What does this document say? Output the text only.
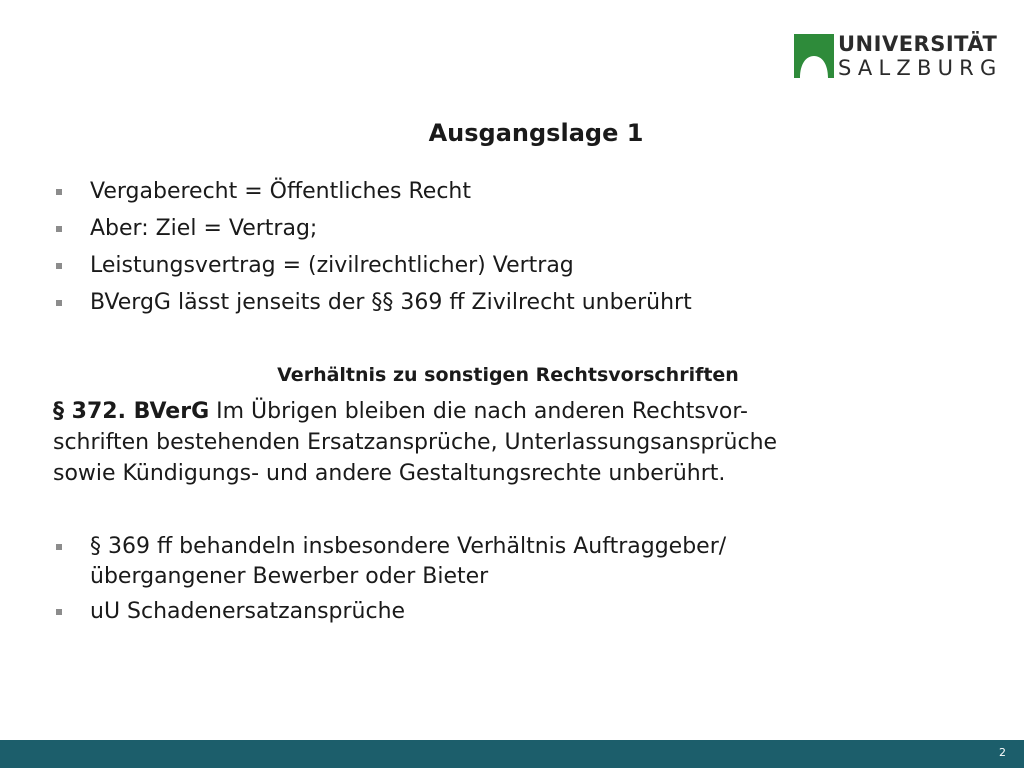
UNIVERSITÄT
SALZBURG
Ausgangslage 1
Vergaberecht = Öffentliches Recht
Aber: Ziel = Vertrag;
Leistungsvertrag = (zivilrechtlicher) Vertrag
BVergG lässt jenseits der §§ 369 ff Zivilrecht unberührt
Verhältnis zu sonstigen Rechtsvorschriften
§ 372. BVerG Im Übrigen bleiben die nach anderen Rechtsvor-
schriften bestehenden Ersatzansprüche, Unterlassungsansprüche
sowie Kündigungs- und andere Gestaltungsrechte unberührt.
§ 369 ff behandeln insbesondere Verhältnis Auftraggeber/
übergangener Bewerber oder Bieter
uU Schadenersatzansprüche
2
